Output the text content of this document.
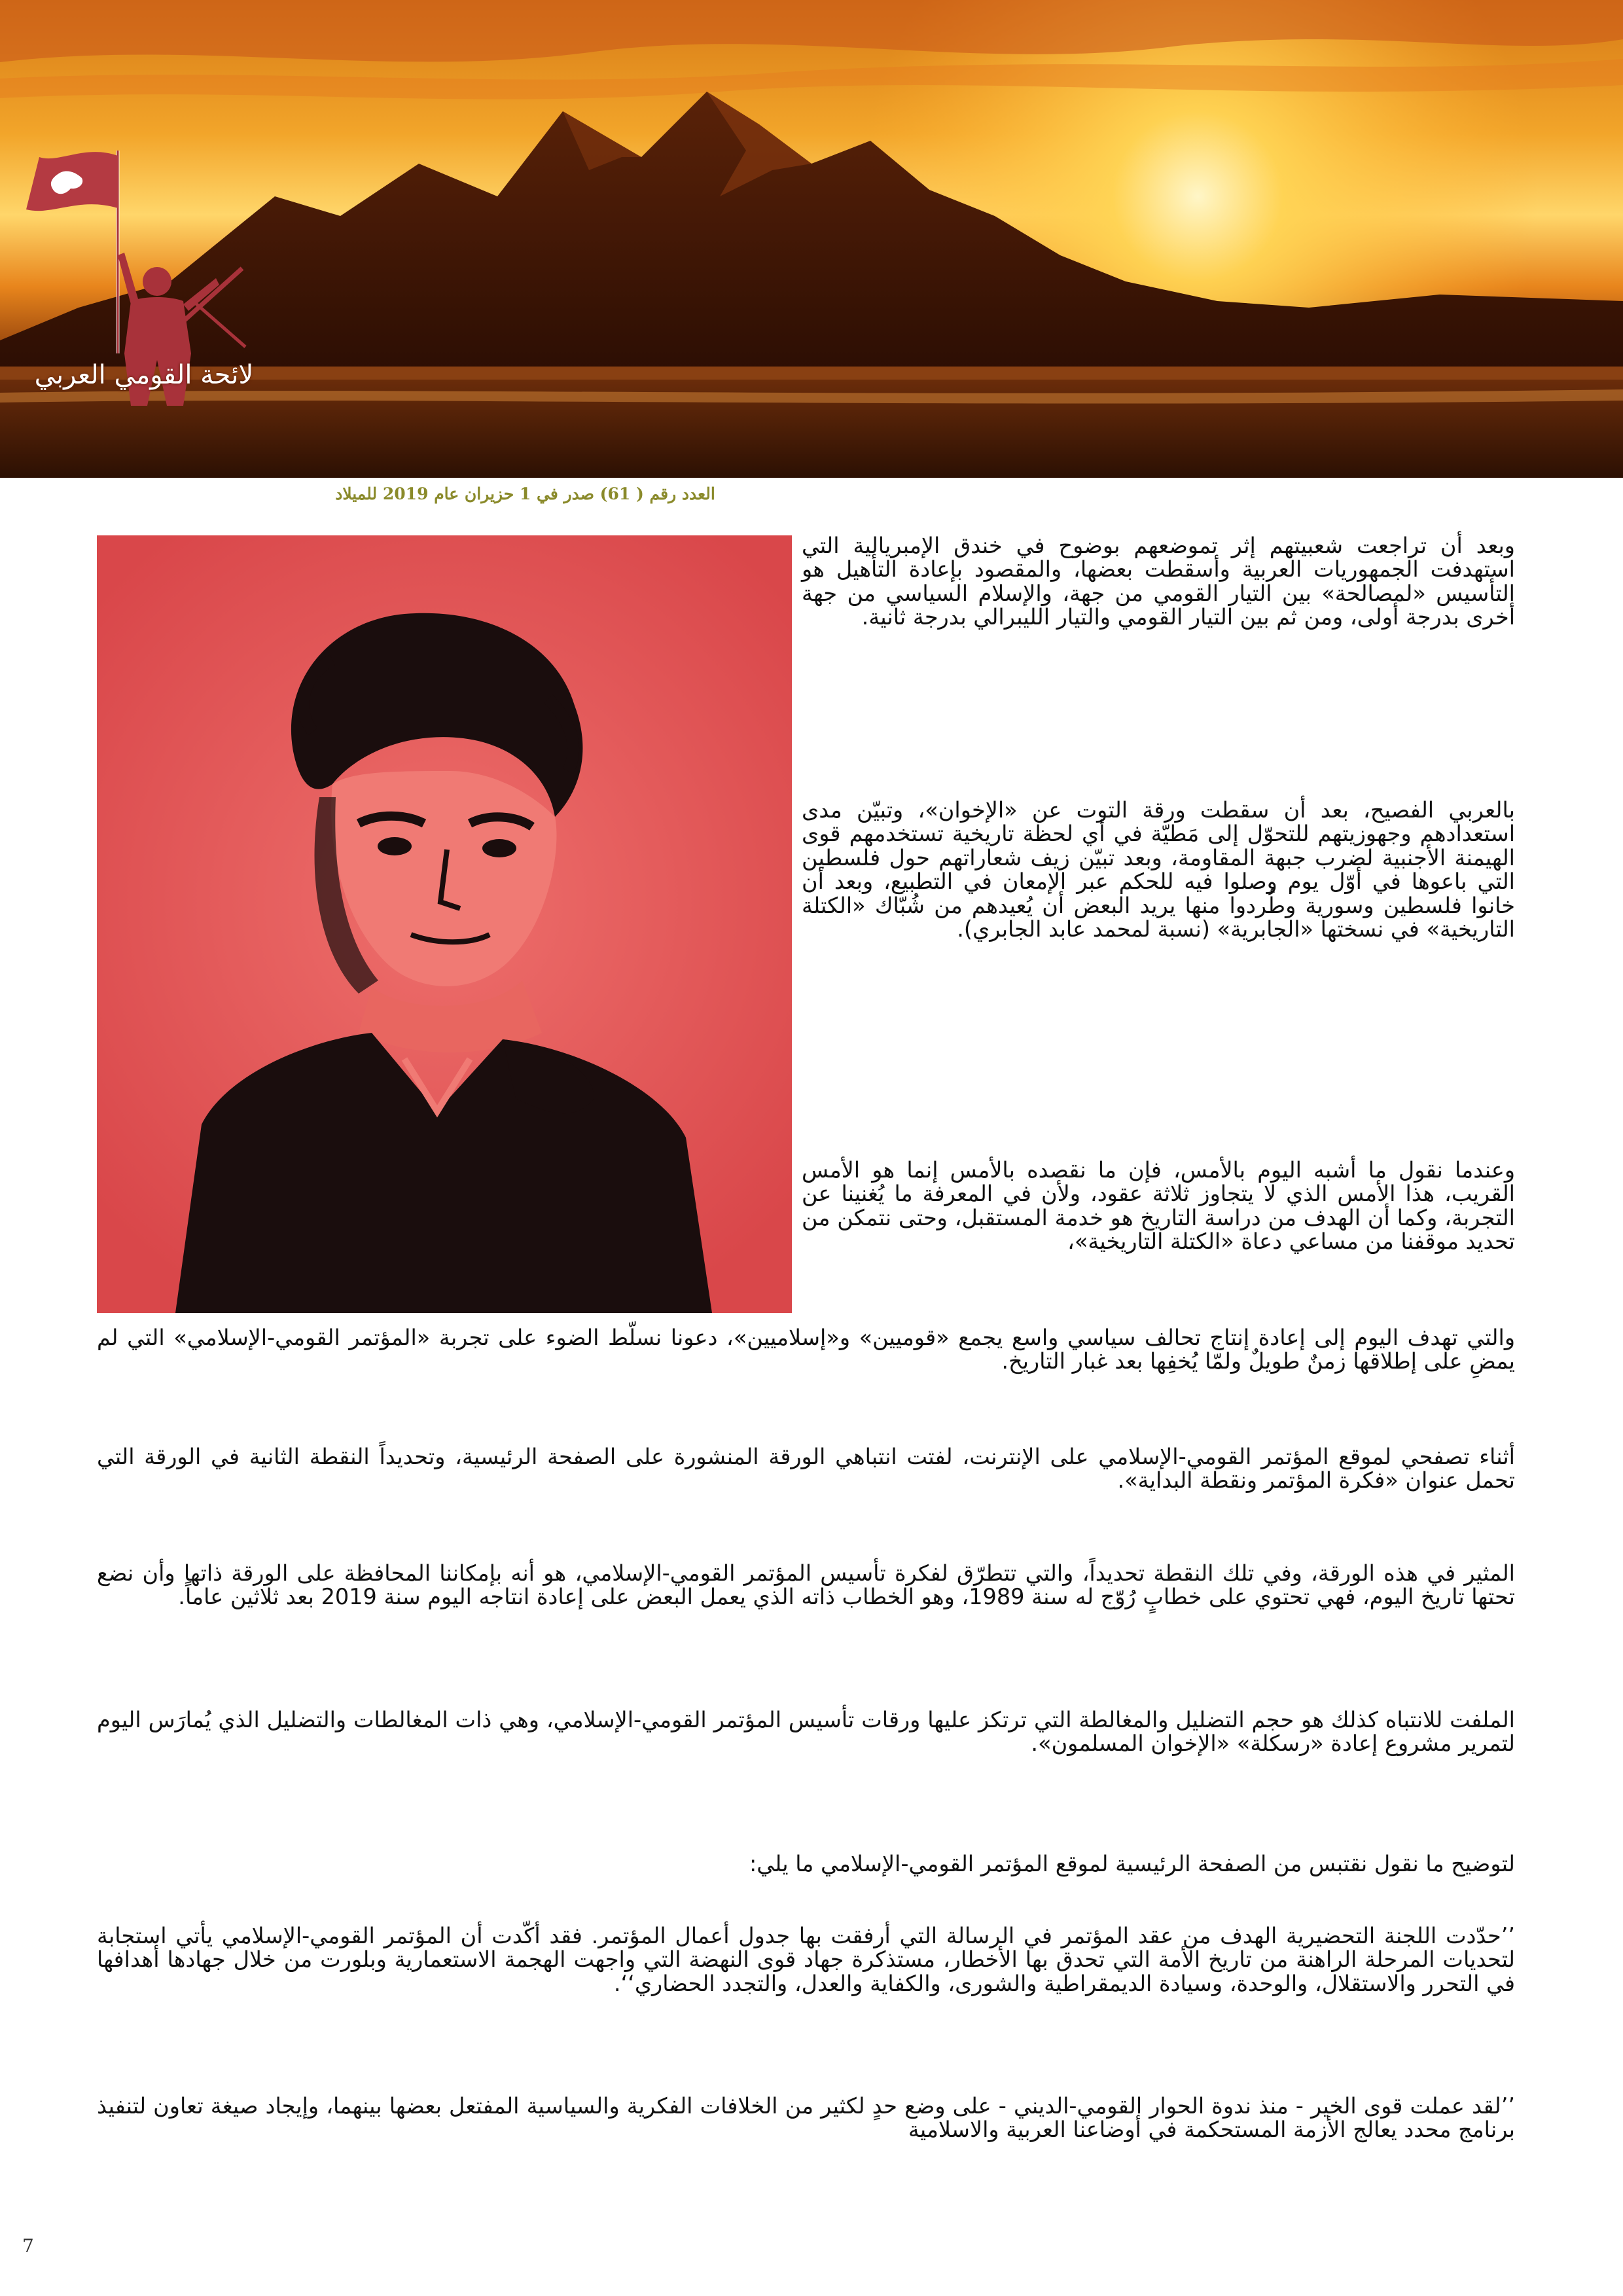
لائحة القومي العربي
العدد رقم ( 61) صدر في 1 حزيران عام 2019 للميلاد

وبعد أن تراجعت شعبيتهم إثر تموضعهم بوضوح في خندق الإمبريالية التي استهدفت الجمهوريات العربية وأسقطت بعضها، والمقصود بإعادة التأهيل هو التأسيس «لمصالحة» بين التيار القومي من جهة، والإسلام السياسي من جهة أخرى بدرجة أولى، ومن ثم بين التيار القومي والتيار الليبرالي بدرجة ثانية.

بالعربي الفصيح، بعد أن سقطت ورقة التوت عن «الإخوان»، وتبيّن مدى استعدادهم وجهوزيتهم للتحوّل إلى مَطيّة في أي لحظة تاريخية تستخدمهم قوى الهيمنة الأجنبية لضرب جبهة المقاومة، وبعد تبيّن زيف شعاراتهم حول فلسطين التي باعوها في أوّل يوم وصلوا فيه للحكم عبر الإمعان في التطبيع، وبعد أن خانوا فلسطين وسورية وطُردوا منها يريد البعض أن يُعيدهم من شُبّاك «الكتلة التاريخية» في نسختها «الجابرية» (نسبة لمحمد عابد الجابري).

وعندما نقول ما أشبه اليوم بالأمس، فإن ما نقصده بالأمس إنما هو الأمس القريب، هذا الأمس الذي لا يتجاوز ثلاثة عقود، ولأن في المعرفة ما يُغنينا عن التجربة، وكما أن الهدف من دراسة التاريخ هو خدمة المستقبل، وحتى نتمكن من تحديد موقفنا من مساعي دعاة «الكتلة التاريخية»،

والتي تهدف اليوم إلى إعادة إنتاج تحالف سياسي واسع يجمع «قوميين» و«إسلاميين»، دعونا نسلّط الضوء على تجربة «المؤتمر القومي-الإسلامي» التي لم يمضِ على إطلاقها زمنٌ طويلٌ ولمّا يُخفِها بعد غبار التاريخ.

أثناء تصفحي لموقع المؤتمر القومي-الإسلامي على الإنترنت، لفتت انتباهي الورقة المنشورة على الصفحة الرئيسية، وتحديداً النقطة الثانية في الورقة التي تحمل عنوان «فكرة المؤتمر ونقطة البداية».

المثير في هذه الورقة، وفي تلك النقطة تحديداً، والتي تتطرّق لفكرة تأسيس المؤتمر القومي-الإسلامي، هو أنه بإمكاننا المحافظة على الورقة ذاتها وأن نضع تحتها تاريخ اليوم، فهي تحتوي على خطابٍ رُوّج له سنة 1989، وهو الخطاب ذاته الذي يعمل البعض على إعادة انتاجه اليوم سنة 2019 بعد ثلاثين عاماً.

الملفت للانتباه كذلك هو حجم التضليل والمغالطة التي ترتكز عليها ورقات تأسيس المؤتمر القومي-الإسلامي، وهي ذات المغالطات والتضليل الذي يُمارَس اليوم لتمرير مشروع إعادة «رسكلة» «الإخوان المسلمون».

لتوضيح ما نقول نقتبس من الصفحة الرئيسية لموقع المؤتمر القومي-الإسلامي ما يلي:

’’حدّدت اللجنة التحضيرية الهدف من عقد المؤتمر في الرسالة التي أرفقت بها جدول أعمال المؤتمر. فقد أكّدت أن المؤتمر القومي-الإسلامي يأتي استجابة لتحديات المرحلة الراهنة من تاريخ الأمة التي تحدق بها الأخطار، مستذكرة جهاد قوى النهضة التي واجهت الهجمة الاستعمارية وبلورت من خلال جهادها أهدافها في التحرر والاستقلال، والوحدة، وسيادة الديمقراطية والشورى، والكفاية والعدل، والتجدد الحضاري‘‘.

’’لقد عملت قوى الخير - منذ ندوة الحوار القومي-الديني - على وضع حدٍ لكثير من الخلافات الفكرية والسياسية المفتعل بعضها بينهما، وإيجاد صيغة تعاون لتنفيذ برنامج محدد يعالج الأزمة المستحكمة في أوضاعنا العربية والاسلامية

7
